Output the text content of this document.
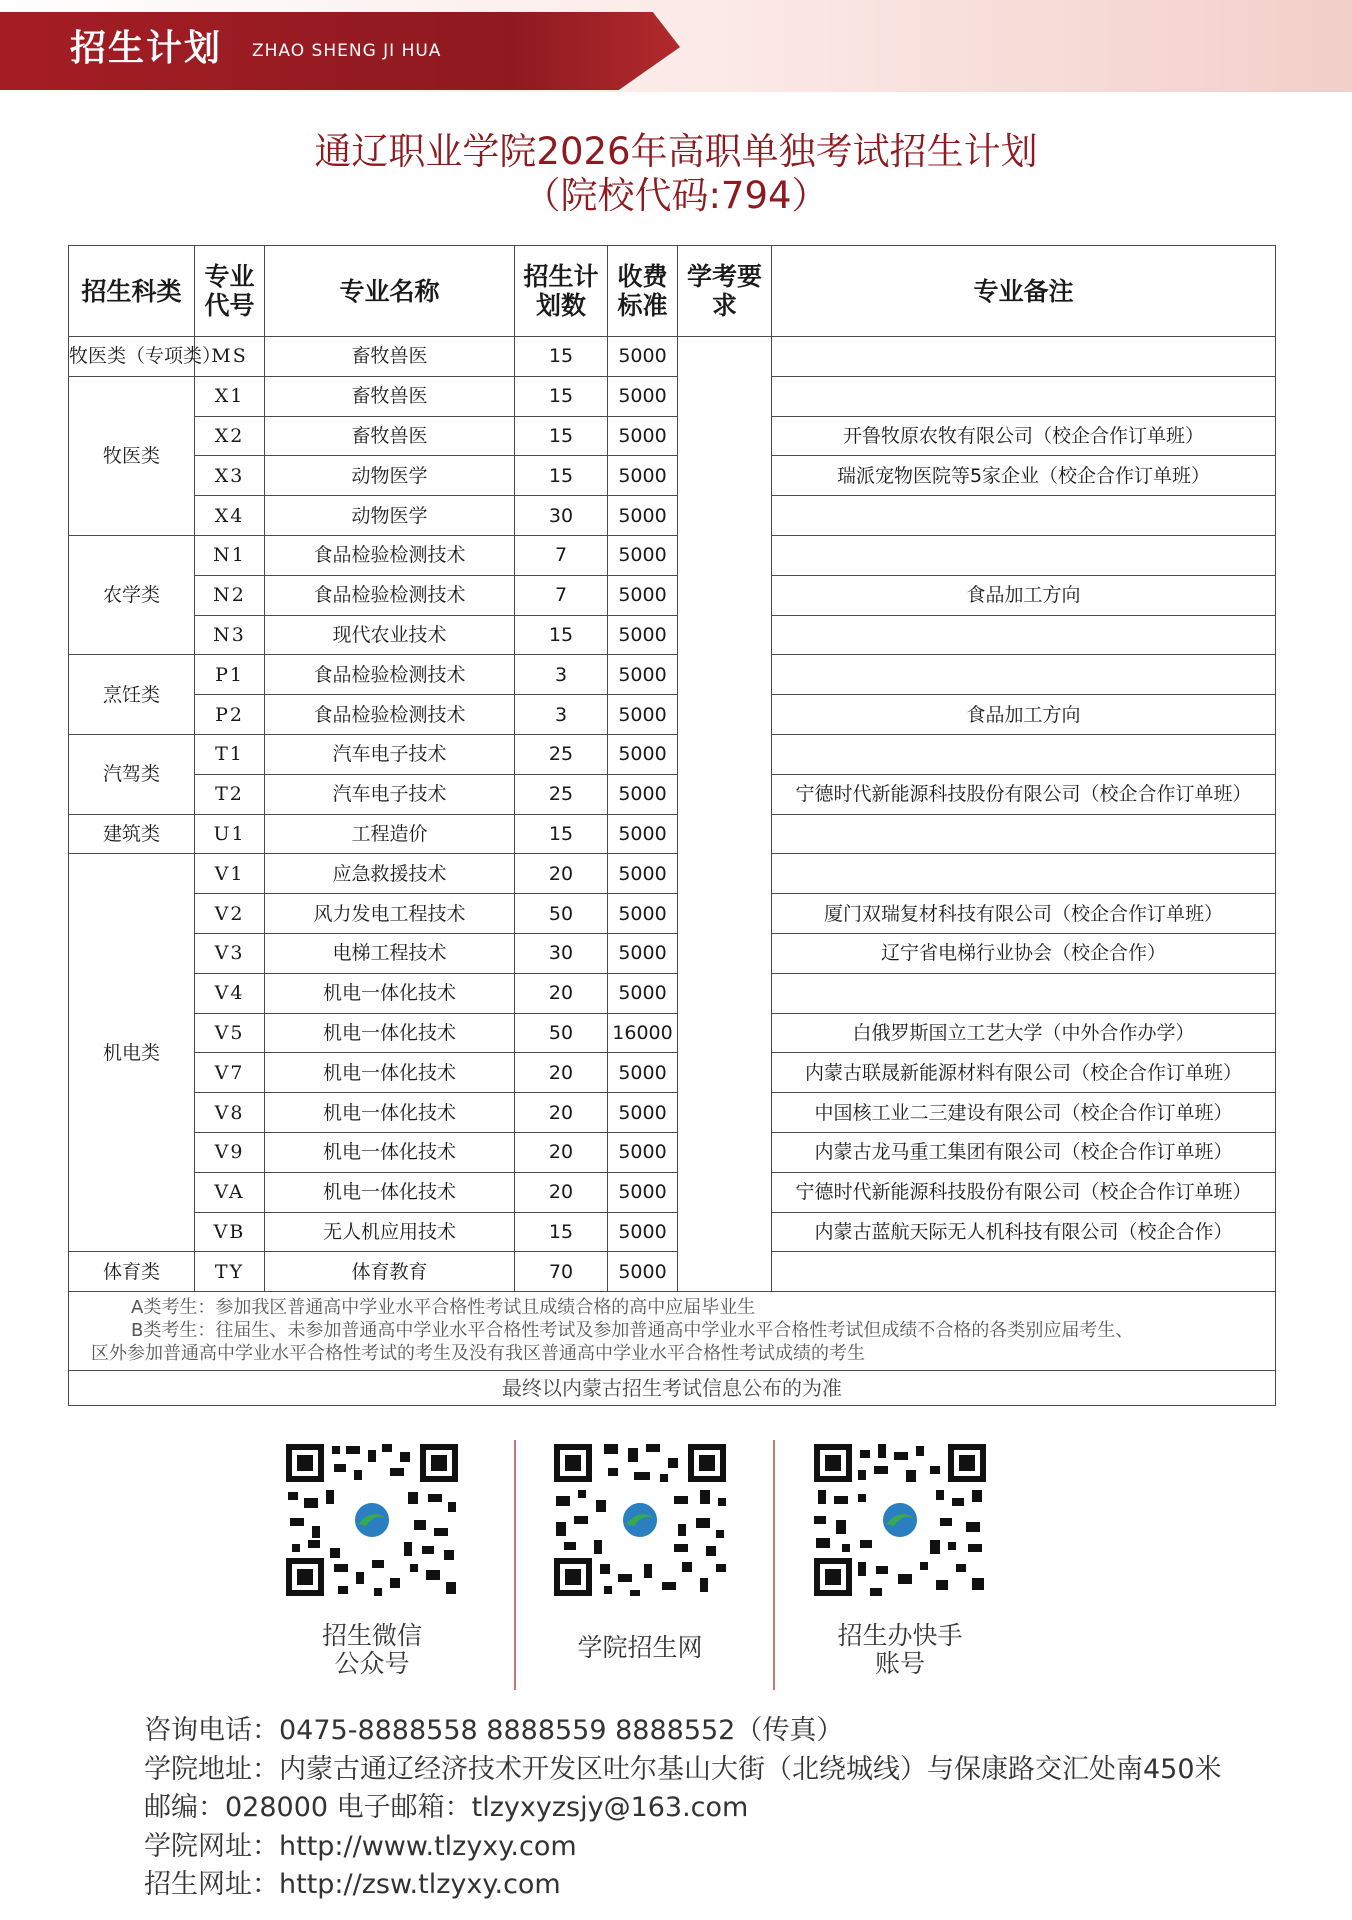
招生计划 ZHAO SHENG JI HUA
通辽职业学院2026年高职单独考试招生计划
（院校代码:794）
招生科类	专业代号	专业名称	招生计划数	收费标准	学考要求	专业备注
牧医类（专项类）	MS	畜牧兽医	15	5000		
牧医类	X1	畜牧兽医	15	5000		
	X2	畜牧兽医	15	5000		开鲁牧原农牧有限公司（校企合作订单班）
	X3	动物医学	15	5000		瑞派宠物医院等5家企业（校企合作订单班）
	X4	动物医学	30	5000		
农学类	N1	食品检验检测技术	7	5000		
	N2	食品检验检测技术	7	5000		食品加工方向
	N3	现代农业技术	15	5000		
烹饪类	P1	食品检验检测技术	3	5000		
	P2	食品检验检测技术	3	5000		食品加工方向
汽驾类	T1	汽车电子技术	25	5000		
	T2	汽车电子技术	25	5000		宁德时代新能源科技股份有限公司（校企合作订单班）
建筑类	U1	工程造价	15	5000		
机电类	V1	应急救援技术	20	5000		
	V2	风力发电工程技术	50	5000		厦门双瑞复材科技有限公司（校企合作订单班）
	V3	电梯工程技术	30	5000		辽宁省电梯行业协会（校企合作）
	V4	机电一体化技术	20	5000		
	V5	机电一体化技术	50	16000		白俄罗斯国立工艺大学（中外合作办学）
	V7	机电一体化技术	20	5000		内蒙古联晟新能源材料有限公司（校企合作订单班）
	V8	机电一体化技术	20	5000		中国核工业二三建设有限公司（校企合作订单班）
	V9	机电一体化技术	20	5000		内蒙古龙马重工集团有限公司（校企合作订单班）
	VA	机电一体化技术	20	5000		宁德时代新能源科技股份有限公司（校企合作订单班）
	VB	无人机应用技术	15	5000		内蒙古蓝航天际无人机科技有限公司（校企合作）
体育类	TY	体育教育	70	5000		

A类考生：参加我区普通高中学业水平合格性考试且成绩合格的高中应届毕业生
B类考生：往届生、未参加普通高中学业水平合格性考试及参加普通高中学业水平合格性考试但成绩不合格的各类别应届考生、
区外参加普通高中学业水平合格性考试的考生及没有我区普通高中学业水平合格性考试成绩的考生						

最终以内蒙古招生考试信息公布的为准						
招生微信
公众号
学院招生网	招生办快手
账号
咨询电话：0475-8888558 8888559 8888552（传真）
学院地址：内蒙古通辽经济技术开发区吐尔基山大街（北绕城线）与保康路交汇处南450米
邮编：028000 电子邮箱：tlzyxyzsjy@163.com
学院网址：http://www.tlzyxy.com
招生网址：http://zsw.tlzyxy.com
